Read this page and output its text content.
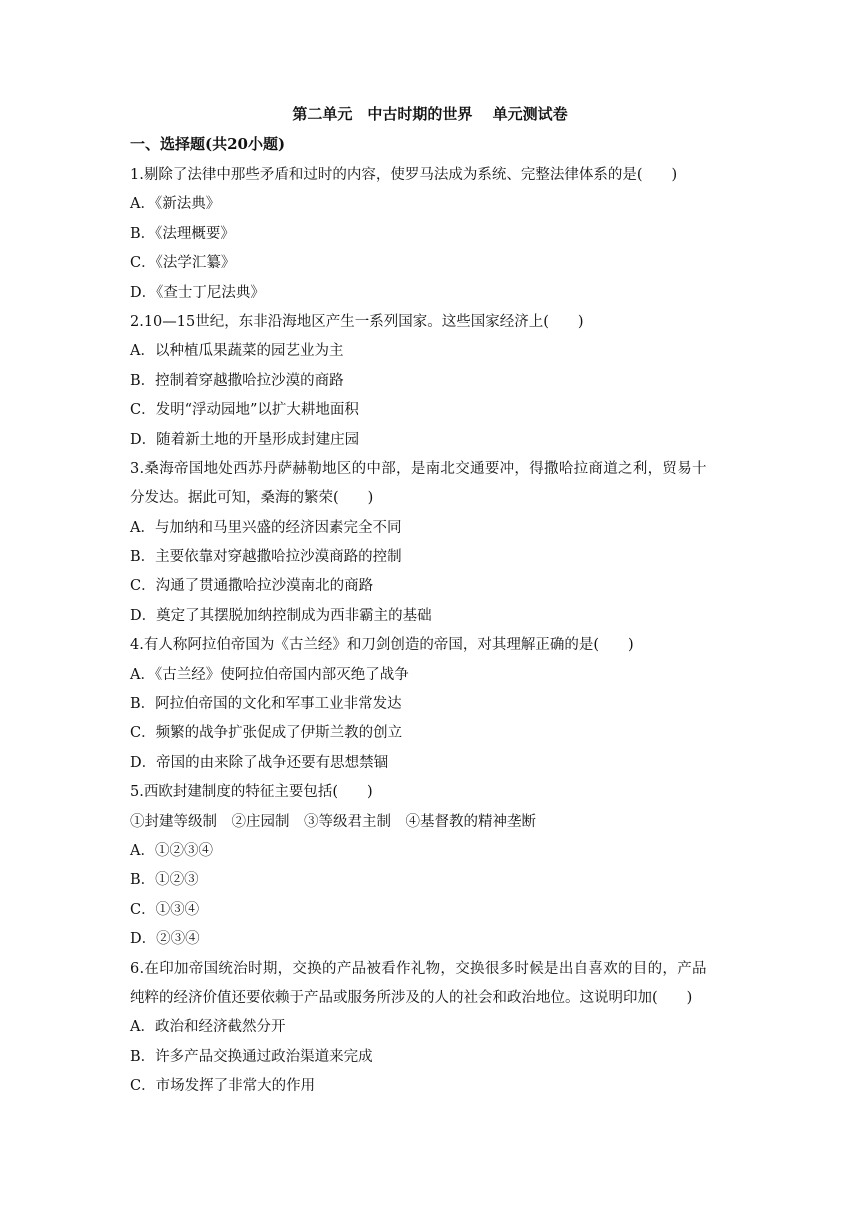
第二单元　中古时期的世界　 单元测试卷
一、选择题(共20小题)
1.剔除了法律中那些矛盾和过时的内容，使罗马法成为系统、完整法律体系的是(　　)
A．《新法典》
B．《法理概要》
C．《法学汇纂》
D．《查士丁尼法典》
2.10—15世纪，东非沿海地区产生一系列国家。这些国家经济上(　　)
A．以种植瓜果蔬菜的园艺业为主
B．控制着穿越撒哈拉沙漠的商路
C．发明“浮动园地”以扩大耕地面积
D．随着新土地的开垦形成封建庄园
3.桑海帝国地处西苏丹萨赫勒地区的中部，是南北交通要冲，得撒哈拉商道之利，贸易十
分发达。据此可知，桑海的繁荣(　　)
A．与加纳和马里兴盛的经济因素完全不同
B．主要依靠对穿越撒哈拉沙漠商路的控制
C．沟通了贯通撒哈拉沙漠南北的商路
D．奠定了其摆脱加纳控制成为西非霸主的基础
4.有人称阿拉伯帝国为《古兰经》和刀剑创造的帝国，对其理解正确的是(　　)
A．《古兰经》使阿拉伯帝国内部灭绝了战争
B．阿拉伯帝国的文化和军事工业非常发达
C．频繁的战争扩张促成了伊斯兰教的创立
D．帝国的由来除了战争还要有思想禁锢
5.西欧封建制度的特征主要包括(　　)
①封建等级制　②庄园制　③等级君主制　④基督教的精神垄断
A．①②③④
B．①②③
C．①③④
D．②③④
6.在印加帝国统治时期，交换的产品被看作礼物，交换很多时候是出自喜欢的目的，产品
纯粹的经济价值还要依赖于产品或服务所涉及的人的社会和政治地位。这说明印加(　　)
A．政治和经济截然分开
B．许多产品交换通过政治渠道来完成
C．市场发挥了非常大的作用
